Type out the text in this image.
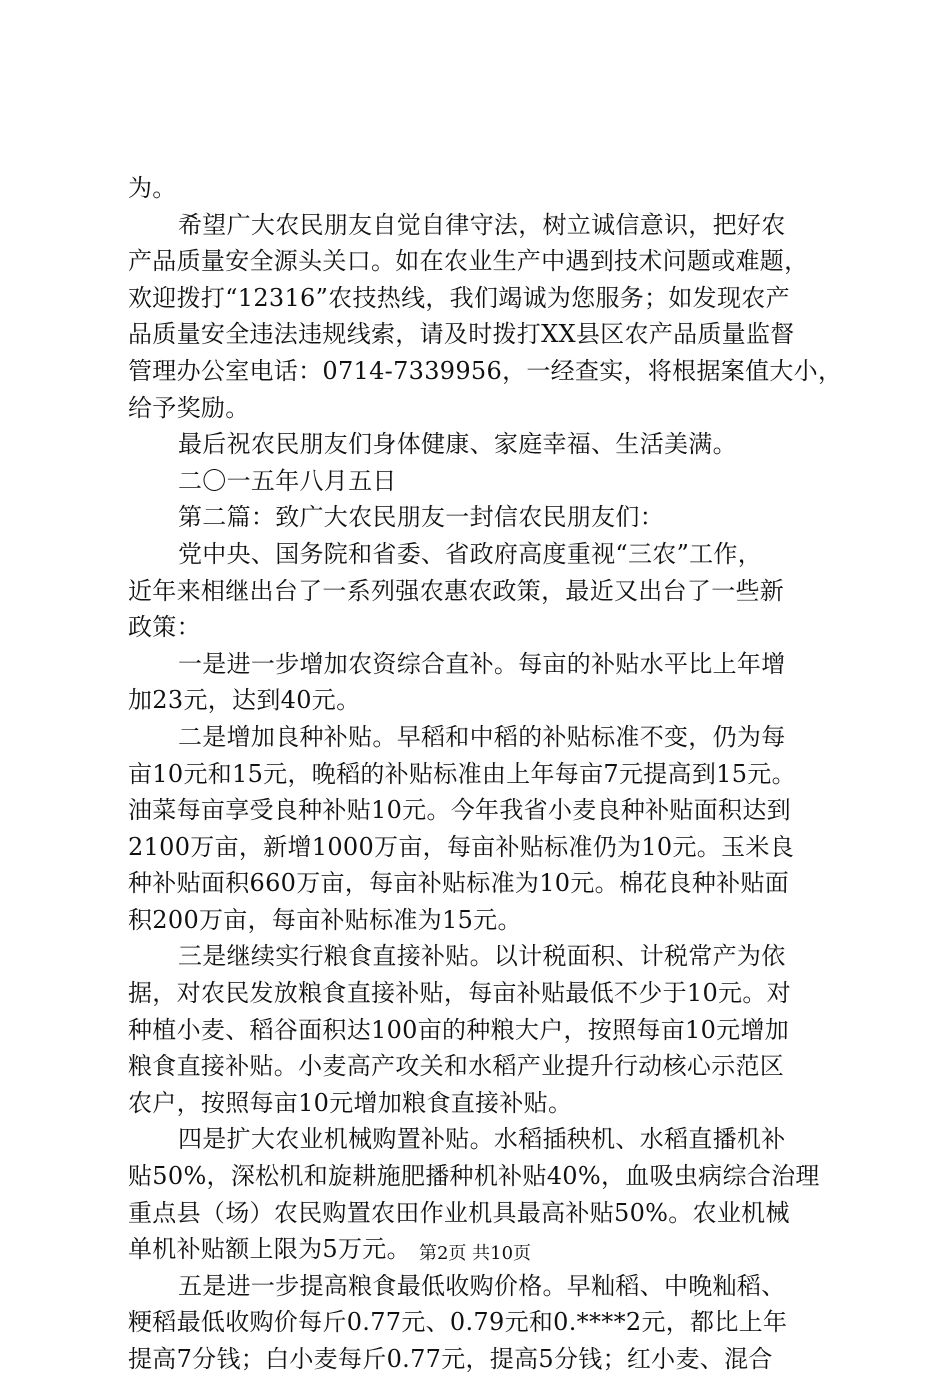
为。
希望广大农民朋友自觉自律守法，树立诚信意识，把好农
产品质量安全源头关口。如在农业生产中遇到技术问题或难题，
欢迎拨打“12316”农技热线，我们竭诚为您服务；如发现农产
品质量安全违法违规线索，请及时拨打XX县区农产品质量监督
管理办公室电话：0714-7339956，一经查实，将根据案值大小，
给予奖励。
最后祝农民朋友们身体健康、家庭幸福、生活美满。
二〇一五年八月五日
第二篇：致广大农民朋友一封信农民朋友们：
党中央、国务院和省委、省政府高度重视“三农”工作，
近年来相继出台了一系列强农惠农政策，最近又出台了一些新
政策：
一是进一步增加农资综合直补。每亩的补贴水平比上年增
加23元，达到40元。
二是增加良种补贴。早稻和中稻的补贴标准不变，仍为每
亩10元和15元，晚稻的补贴标准由上年每亩7元提高到15元。
油菜每亩享受良种补贴10元。今年我省小麦良种补贴面积达到
2100万亩，新增1000万亩，每亩补贴标准仍为10元。玉米良
种补贴面积660万亩，每亩补贴标准为10元。棉花良种补贴面
积200万亩，每亩补贴标准为15元。
三是继续实行粮食直接补贴。以计税面积、计税常产为依
据，对农民发放粮食直接补贴，每亩补贴最低不少于10元。对
种植小麦、稻谷面积达100亩的种粮大户，按照每亩10元增加
粮食直接补贴。小麦高产攻关和水稻产业提升行动核心示范区
农户，按照每亩10元增加粮食直接补贴。
四是扩大农业机械购置补贴。水稻插秧机、水稻直播机补
贴50%，深松机和旋耕施肥播种机补贴40%，血吸虫病综合治理
重点县（场）农民购置农田作业机具最高补贴50%。农业机械
单机补贴额上限为5万元。
五是进一步提高粮食最低收购价格。早籼稻、中晚籼稻、
粳稻最低收购价每斤0.77元、0.79元和0.****2元，都比上年
提高7分钱；白小麦每斤0.77元，提高5分钱；红小麦、混合
第2页 共10页
